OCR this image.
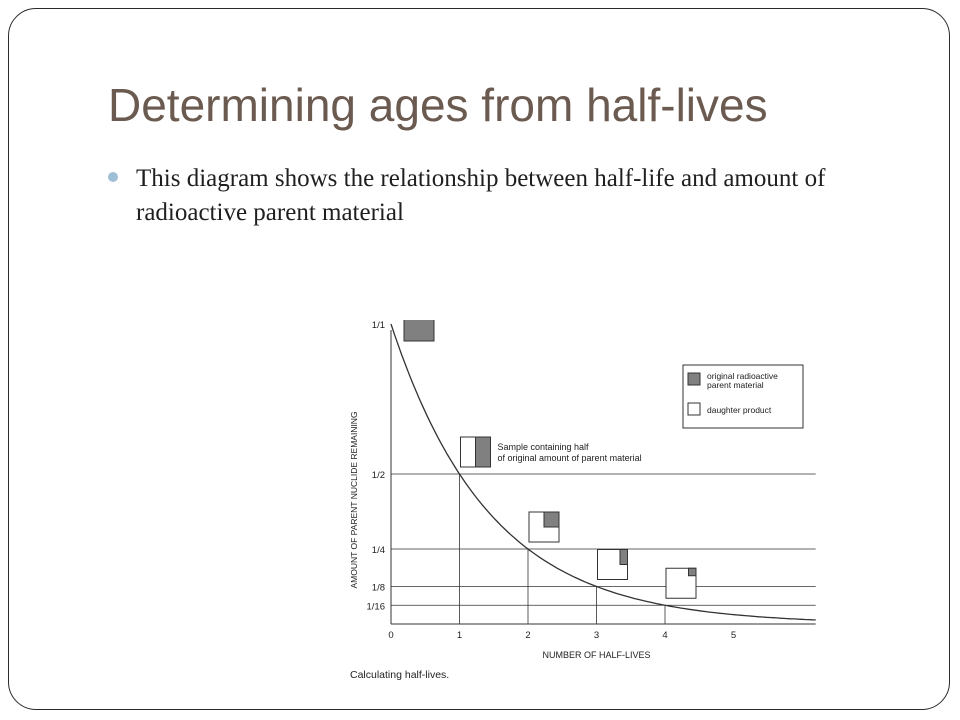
Determining ages from half-lives
This diagram shows the relationship between half-life and amount of radioactive parent material
1/1
1/2
1/4
1/8
1/16
0	1	2	3	4	5
Sample containing half
of original amount of parent material
original radioactive
parent material
daughter product
NUMBER OF HALF-LIVES
AMOUNT OF PARENT NUCLIDE REMAINING
Calculating half-lives.
